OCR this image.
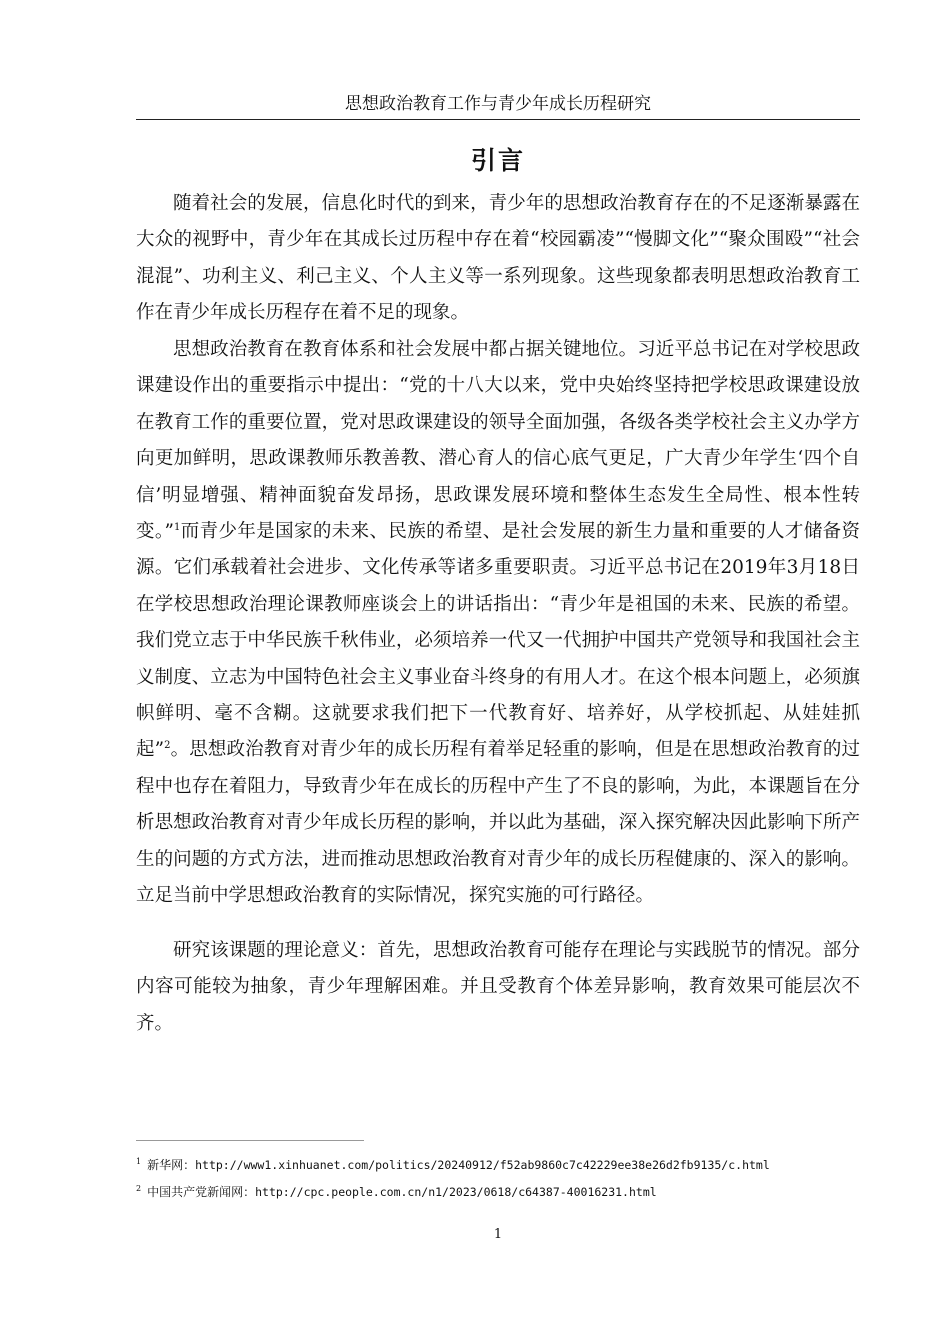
思想政治教育工作与青少年成长历程研究
引言

随着社会的发展，信息化时代的到来，青少年的思想政治教育存在的不足逐渐暴露在大众的视野中，青少年在其成长过历程中存在着“校园霸凌”“慢脚文化”“聚众围殴”“社会混混”、功利主义、利己主义、个人主义等一系列现象。这些现象都表明思想政治教育工作在青少年成长历程存在着不足的现象。

思想政治教育在教育体系和社会发展中都占据关键地位。习近平总书记在对学校思政课建设作出的重要指示中提出：“党的十八大以来，党中央始终坚持把学校思政课建设放在教育工作的重要位置，党对思政课建设的领导全面加强，各级各类学校社会主义办学方向更加鲜明，思政课教师乐教善教、潜心育人的信心底气更足，广大青少年学生‘四个自信’明显增强、精神面貌奋发昂扬，思政课发展环境和整体生态发生全局性、根本性转变。”$^1$而青少年是国家的未来、民族的希望、是社会发展的新生力量和重要的人才储备资源。它们承载着社会进步、文化传承等诸多重要职责。习近平总书记在2019年3月18日在学校思想政治理论课教师座谈会上的讲话指出：“青少年是祖国的未来、民族的希望。我们党立志于中华民族千秋伟业，必须培养一代又一代拥护中国共产党领导和我国社会主义制度、立志为中国特色社会主义事业奋斗终身的有用人才。在这个根本问题上，必须旗帜鲜明、毫不含糊。这就要求我们把下一代教育好、培养好，从学校抓起、从娃娃抓起”$^2$。思想政治教育对青少年的成长历程有着举足轻重的影响，但是在思想政治教育的过程中也存在着阻力，导致青少年在成长的历程中产生了不良的影响，为此，本课题旨在分析思想政治教育对青少年成长历程的影响，并以此为基础，深入探究解决因此影响下所产生的问题的方式方法，进而推动思想政治教育对青少年的成长历程健康的、深入的影响。立足当前中学思想政治教育的实际情况，探究实施的可行路径。

研究该课题的理论意义：首先，思想政治教育可能存在理论与实践脱节的情况。部分内容可能较为抽象，青少年理解困难。并且受教育个体差异影响，教育效果可能层次不齐。

$^1$ 新华网：http://www1.xinhuanet.com/politics/20240912/f52ab9860c7c42229ee38e26d2fb9135/c.html
$^2$ 中国共产党新闻网：http://cpc.people.com.cn/n1/2023/0618/c64387-40016231.html
1
